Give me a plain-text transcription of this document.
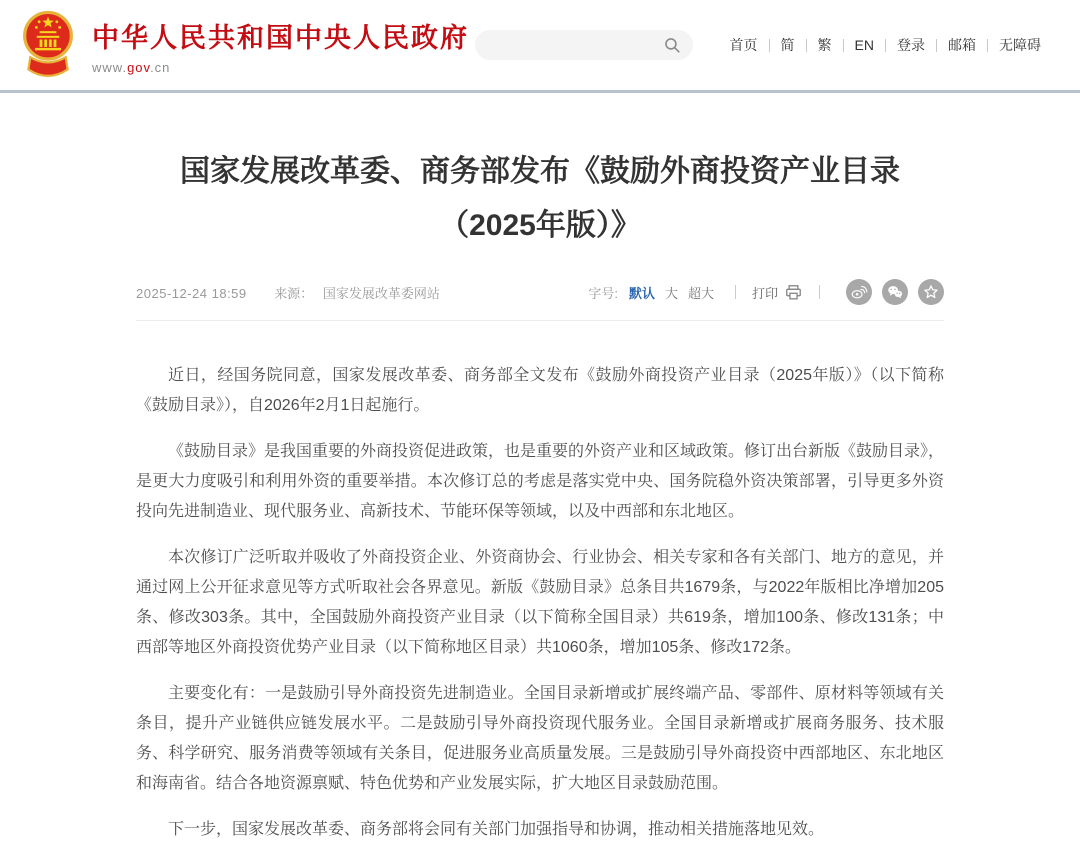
中华人民共和国中央人民政府
www.gov.cn
首页	简	繁	EN	登录	邮箱	无障碍
国家发展改革委、商务部发布《鼓励外商投资产业目录（2025年版）》
2025-12-24 18:59 来源： 国家发展改革委网站	字号: 默认 大 超大	打印

近日，经国务院同意，国家发展改革委、商务部全文发布《鼓励外商投资产业目录（2025年版）》（以下简称《鼓励目录》），自2026年2月1日起施行。

《鼓励目录》是我国重要的外商投资促进政策，也是重要的外资产业和区域政策。修订出台新版《鼓励目录》，是更大力度吸引和利用外资的重要举措。本次修订总的考虑是落实党中央、国务院稳外资决策部署，引导更多外资投向先进制造业、现代服务业、高新技术、节能环保等领域，以及中西部和东北地区。

本次修订广泛听取并吸收了外商投资企业、外资商协会、行业协会、相关专家和各有关部门、地方的意见，并通过网上公开征求意见等方式听取社会各界意见。新版《鼓励目录》总条目共1679条，与2022年版相比净增加205条、修改303条。其中，全国鼓励外商投资产业目录（以下简称全国目录）共619条，增加100条、修改131条；中西部等地区外商投资优势产业目录（以下简称地区目录）共1060条，增加105条、修改172条。

主要变化有：一是鼓励引导外商投资先进制造业。全国目录新增或扩展终端产品、零部件、原材料等领域有关条目，提升产业链供应链发展水平。二是鼓励引导外商投资现代服务业。全国目录新增或扩展商务服务、技术服务、科学研究、服务消费等领域有关条目，促进服务业高质量发展。三是鼓励引导外商投资中西部地区、东北地区和海南省。结合各地资源禀赋、特色优势和产业发展实际，扩大地区目录鼓励范围。

下一步，国家发展改革委、商务部将会同有关部门加强指导和协调，推动相关措施落地见效。
